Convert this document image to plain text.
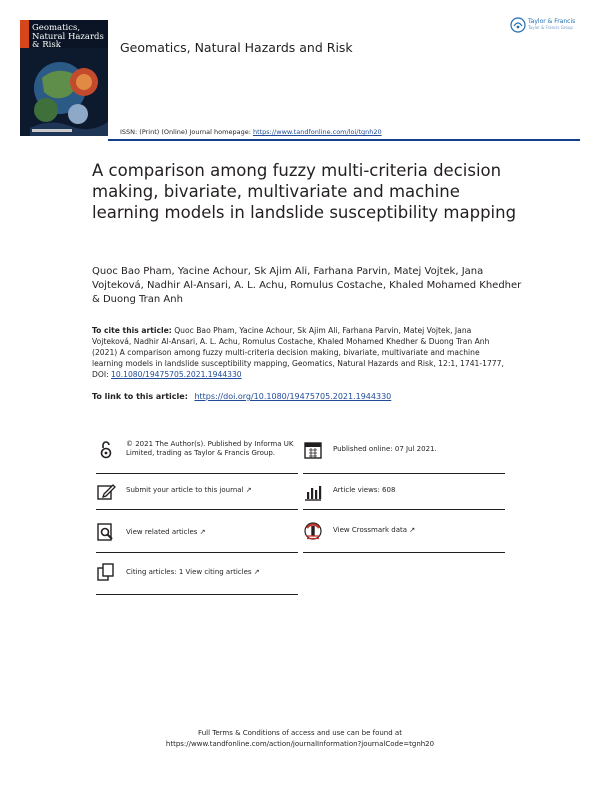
Geomatics, Natural Hazards & Risk	Geomatics, Natural Hazards and Risk
Taylor & Francis
Taylor & Francis Group
ISSN: (Print) (Online) Journal homepage: https://www.tandfonline.com/loi/tgnh20
A comparison among fuzzy multi-criteria decision making, bivariate, multivariate and machine learning models in landslide susceptibility mapping
Quoc Bao Pham, Yacine Achour, Sk Ajim Ali, Farhana Parvin, Matej Vojtek, Jana Vojteková, Nadhir Al-Ansari, A. L. Achu, Romulus Costache, Khaled Mohamed Khedher & Duong Tran Anh
To cite this article: Quoc Bao Pham, Yacine Achour, Sk Ajim Ali, Farhana Parvin, Matej Vojtek, Jana Vojteková, Nadhir Al-Ansari, A. L. Achu, Romulus Costache, Khaled Mohamed Khedher & Duong Tran Anh (2021) A comparison among fuzzy multi-criteria decision making, bivariate, multivariate and machine learning models in landslide susceptibility mapping, Geomatics, Natural Hazards and Risk, 12:1, 1741-1777, DOI: 10.1080/19475705.2021.1944330
To link to this article: https://doi.org/10.1080/19475705.2021.1944330
© 2021 The Author(s). Published by Informa UK Limited, trading as Taylor & Francis Group.
Submit your article to this journal ↗
View related articles ↗
Citing articles: 1 View citing articles ↗
Published online: 07 Jul 2021.
Article views: 608
View Crossmark data ↗
Full Terms & Conditions of access and use can be found at
https://www.tandfonline.com/action/journalInformation?journalCode=tgnh20
